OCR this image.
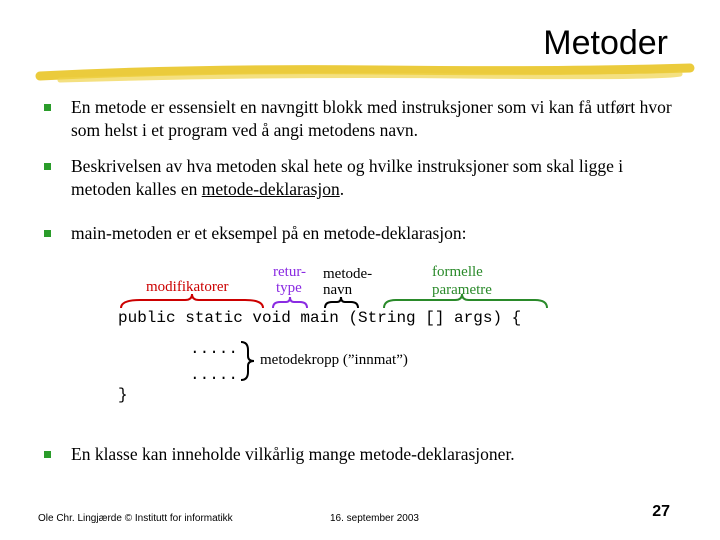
Metoder
En metode er essensielt en navngitt blokk med instruksjoner som vi kan få utført hvor som helst i et program ved å angi metodens navn.
Beskrivelsen av hva metoden skal hete og hvilke instruksjoner som skal ligge i metoden kalles en metode-deklarasjon.
main-metoden er et eksempel på en metode-deklarasjon:
modifikatorer
retur-
type
metode-
navn
formelle
parametre
public static void main (String [] args) {
.....
.....
metodekropp (”innmat”)
}
En klasse kan inneholde vilkårlig mange metode-deklarasjoner.
Ole Chr. Lingjærde © Institutt for informatikk	16. september 2003	27
